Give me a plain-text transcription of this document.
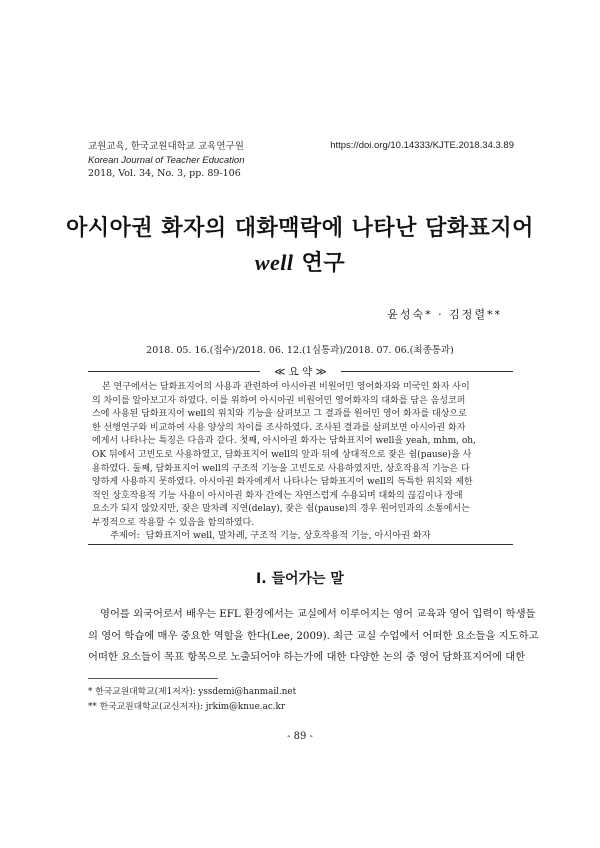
교원교육, 한국교원대학교 교육연구원
Korean Journal of Teacher Education
2018, Vol. 34, No. 3, pp. 89-106
https://doi.org/10.14333/KJTE.2018.34.3.89
아시아권 화자의 대화맥락에 나타난 담화표지어
well 연구
윤성숙* · 김정렬**
2018. 05. 16.(접수)/2018. 06. 12.(1심통과)/2018. 07. 06.(최종통과)
≪ 요 약 ≫
본 연구에서는 담화표지어의 사용과 관련하여 아시아권 비원어민 영어화자와 미국인 화자 사이
의 차이를 알아보고자 하였다. 이를 위하여 아시아권 비원어민 영어화자의 대화를 담은 음성코퍼
스에 사용된 담화표지어 well의 위치와 기능을 살펴보고 그 결과를 원어민 영어 화자를 대상으로
한 선행연구와 비교하여 사용 양상의 차이를 조사하였다. 조사된 결과를 살펴보면 아시아권 화자
에게서 나타나는 특징은 다음과 같다. 첫째, 아시아권 화자는 담화표지어 well을 yeah, mhm, oh,
OK 뒤에서 고빈도로 사용하였고, 담화표지어 well의 앞과 뒤에 상대적으로 잦은 쉼(pause)을 사
용하였다. 둘째, 담화표지어 well의 구조적 기능을 고빈도로 사용하였지만, 상호작용적 기능은 다
양하게 사용하지 못하였다. 아시아권 화자에게서 나타나는 담화표지어 well의 독특한 위치와 제한
적인 상호작용적 기능 사용이 아시아권 화자 간에는 자연스럽게 수용되며 대화의 끊김이나 장애
요소가 되지 않았지만, 잦은 말차례 지연(delay), 잦은 쉼(pause)의 경우 원어민과의 소통에서는
부정적으로 작용할 수 있음을 함의하였다.
주제어: 담화표지어 well, 말차례, 구조적 기능, 상호작용적 기능, 아시아권 화자
Ⅰ. 들어가는 말
영어를 외국어로서 배우는 EFL 환경에서는 교실에서 이루어지는 영어 교육과 영어 입력이 학생들
의 영어 학습에 매우 중요한 역할을 한다(Lee, 2009). 최근 교실 수업에서 어떠한 요소들을 지도하고
어떠한 요소들이 목표 항목으로 노출되어야 하는가에 대한 다양한 논의 중 영어 담화표지어에 대한
* 한국교원대학교(제1저자): yssdemi@hanmail.net
** 한국교원대학교(교신저자): jrkim@knue.ac.kr
- 89 -
